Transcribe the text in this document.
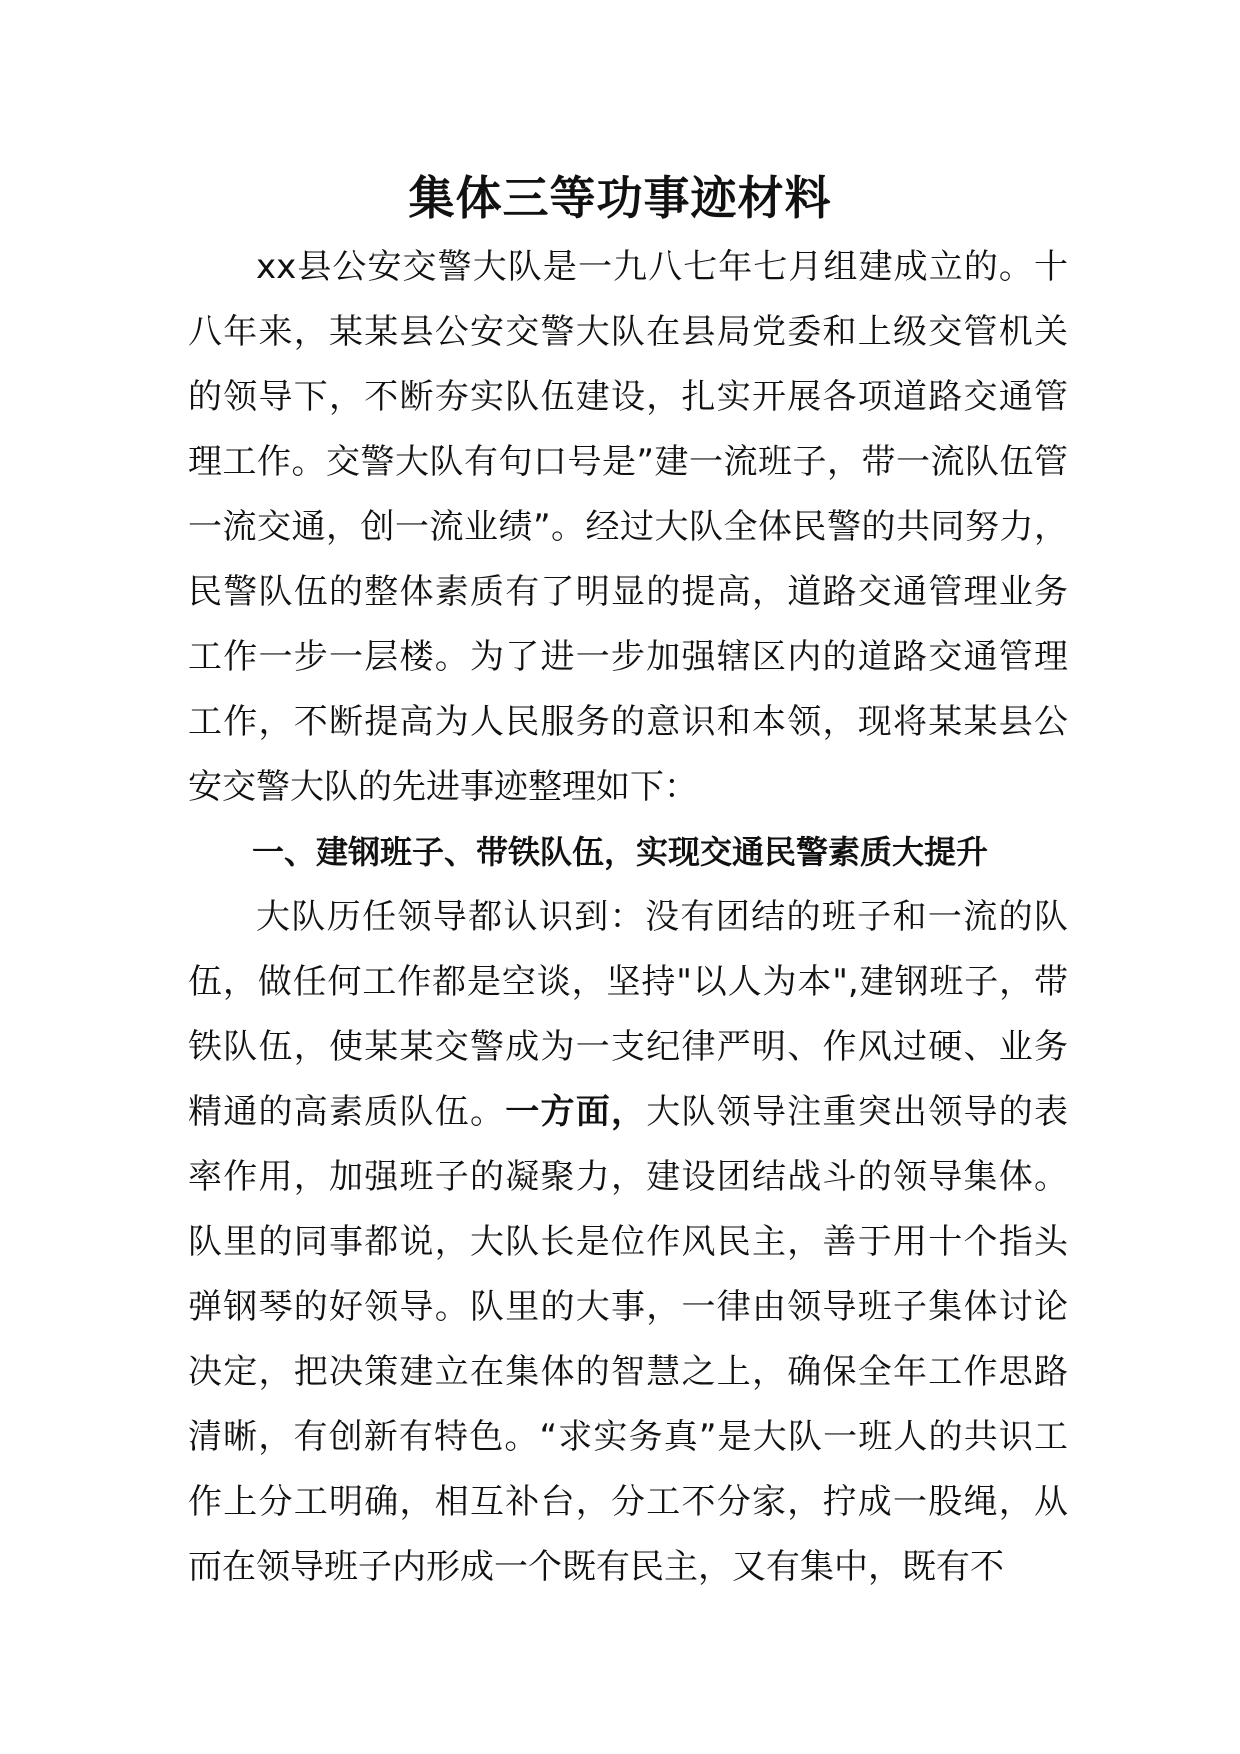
集体三等功事迹材料

xx县公安交警大队是一九八七年七月组建成立的。十八年来，某某县公安交警大队在县局党委和上级交管机关的领导下，不断夯实队伍建设，扎实开展各项道路交通管理工作。交警大队有句口号是”建一流班子，带一流队伍管一流交通，创一流业绩”。经过大队全体民警的共同努力，民警队伍的整体素质有了明显的提高，道路交通管理业务工作一步一层楼。为了进一步加强辖区内的道路交通管理工作，不断提高为人民服务的意识和本领，现将某某县公安交警大队的先进事迹整理如下：

一、建钢班子、带铁队伍，实现交通民警素质大提升

大队历任领导都认识到：没有团结的班子和一流的队伍，做任何工作都是空谈，坚持"以人为本",建钢班子，带铁队伍，使某某交警成为一支纪律严明、作风过硬、业务精通的高素质队伍。一方面，大队领导注重突出领导的表率作用，加强班子的凝聚力，建设团结战斗的领导集体。队里的同事都说，大队长是位作风民主，善于用十个指头弹钢琴的好领导。队里的大事，一律由领导班子集体讨论决定，把决策建立在集体的智慧之上，确保全年工作思路清晰，有创新有特色。“求实务真”是大队一班人的共识工作上分工明确，相互补台，分工不分家，拧成一股绳，从而在领导班子内形成一个既有民主，又有集中，既有不
